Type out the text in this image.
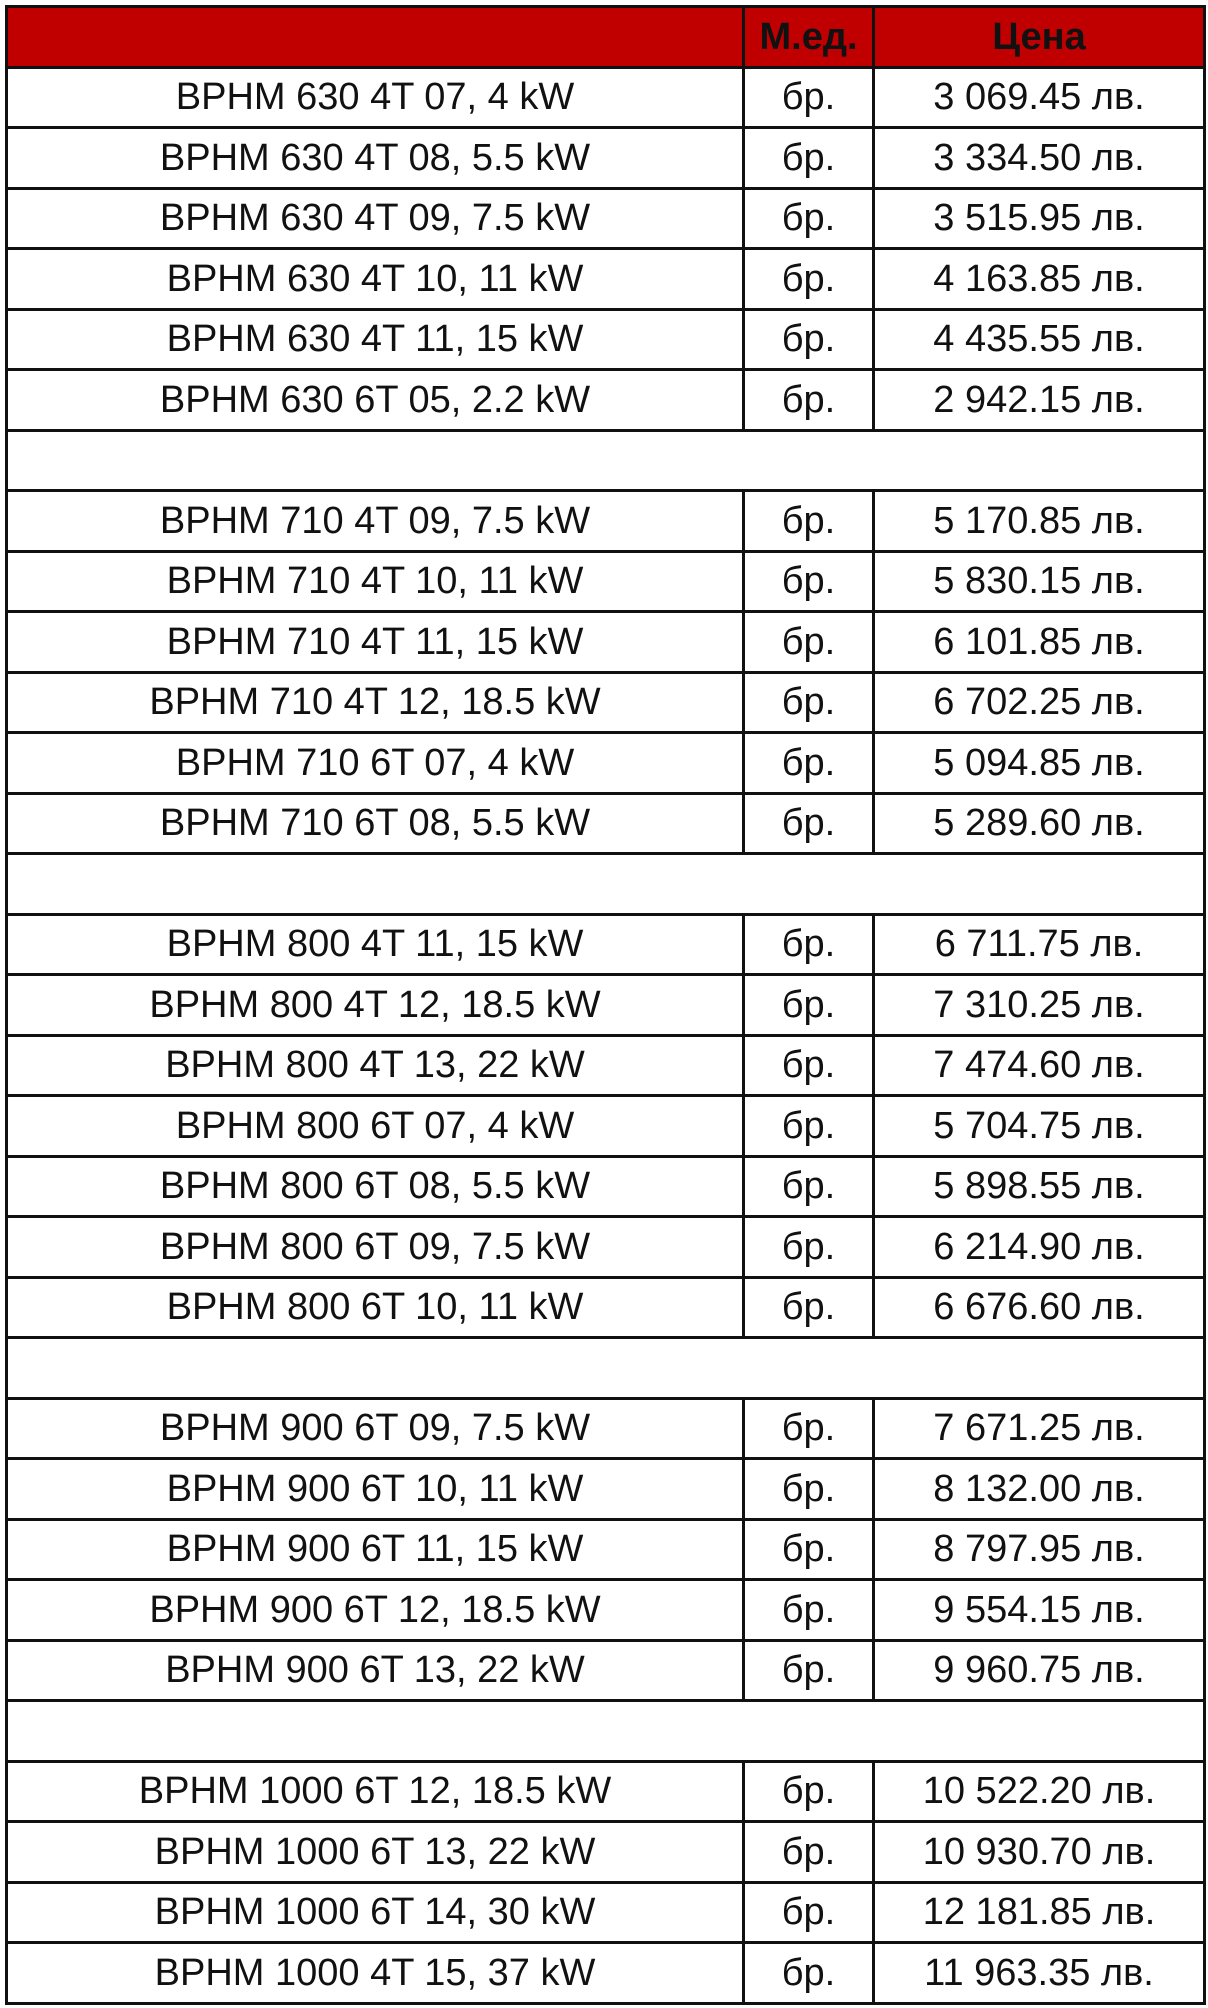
	М.ед.	Цена
BPHM 630 4T 07, 4 kW	бр.	3 069.45 лв.
BPHM 630 4T 08, 5.5 kW	бр.	3 334.50 лв.
BPHM 630 4T 09, 7.5 kW	бр.	3 515.95 лв.
BPHM 630 4T 10, 11 kW	бр.	4 163.85 лв.
BPHM 630 4T 11, 15 kW	бр.	4 435.55 лв.
BPHM 630 6T 05, 2.2 kW	бр.	2 942.15 лв.

BPHM 710 4T 09, 7.5 kW	бр.	5 170.85 лв.
BPHM 710 4T 10, 11 kW	бр.	5 830.15 лв.
BPHM 710 4T 11, 15 kW	бр.	6 101.85 лв.
BPHM 710 4T 12, 18.5 kW	бр.	6 702.25 лв.
BPHM 710 6T 07, 4 kW	бр.	5 094.85 лв.
BPHM 710 6T 08, 5.5 kW	бр.	5 289.60 лв.

BPHM 800 4T 11, 15 kW	бр.	6 711.75 лв.
BPHM 800 4T 12, 18.5 kW	бр.	7 310.25 лв.
BPHM 800 4T 13, 22 kW	бр.	7 474.60 лв.
BPHM 800 6T 07, 4 kW	бр.	5 704.75 лв.
BPHM 800 6T 08, 5.5 kW	бр.	5 898.55 лв.
BPHM 800 6T 09, 7.5 kW	бр.	6 214.90 лв.
BPHM 800 6T 10, 11 kW	бр.	6 676.60 лв.

BPHM 900 6T 09, 7.5 kW	бр.	7 671.25 лв.
BPHM 900 6T 10, 11 kW	бр.	8 132.00 лв.
BPHM 900 6T 11, 15 kW	бр.	8 797.95 лв.
BPHM 900 6T 12, 18.5 kW	бр.	9 554.15 лв.
BPHM 900 6T 13, 22 kW	бр.	9 960.75 лв.

BPHM 1000 6T 12, 18.5 kW	бр.	10 522.20 лв.
BPHM 1000 6T 13, 22 kW	бр.	10 930.70 лв.
BPHM 1000 6T 14, 30 kW	бр.	12 181.85 лв.
BPHM 1000 4T 15, 37 kW	бр.	11 963.35 лв.
